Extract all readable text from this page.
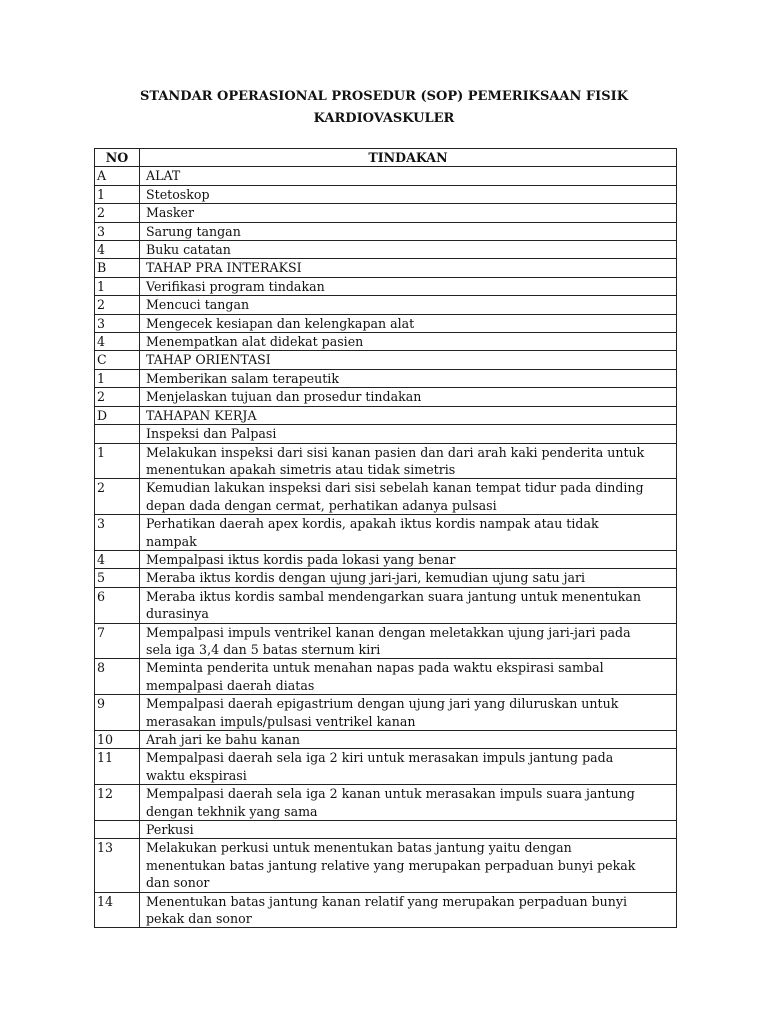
STANDAR OPERASIONAL PROSEDUR (SOP) PEMERIKSAAN FISIK
KARDIOVASKULER
NO	TINDAKAN
A	ALAT
1	Stetoskop
2	Masker
3	Sarung tangan
4	Buku catatan
B	TAHAP PRA INTERAKSI
1	Verifikasi program tindakan
2	Mencuci tangan
3	Mengecek kesiapan dan kelengkapan alat
4	Menempatkan alat didekat pasien
C	TAHAP ORIENTASI
1	Memberikan salam terapeutik
2	Menjelaskan tujuan dan prosedur tindakan
D	TAHAPAN KERJA
	Inspeksi dan Palpasi
1	Melakukan inspeksi dari sisi kanan pasien dan dari arah kaki penderita untuk
menentukan apakah simetris atau tidak simetris

2	Kemudian lakukan inspeksi dari sisi sebelah kanan tempat tidur pada dinding
depan dada dengan cermat, perhatikan adanya pulsasi

3	Perhatikan daerah apex kordis, apakah iktus kordis nampak atau tidak
nampak

4	Mempalpasi iktus kordis pada lokasi yang benar
5	Meraba iktus kordis dengan ujung jari-jari, kemudian ujung satu jari
6	Meraba iktus kordis sambal mendengarkan suara jantung untuk menentukan
durasinya

7	Mempalpasi impuls ventrikel kanan dengan meletakkan ujung jari-jari pada
sela iga 3,4 dan 5 batas sternum kiri

8	Meminta penderita untuk menahan napas pada waktu ekspirasi sambal
mempalpasi daerah diatas

9	Mempalpasi daerah epigastrium dengan ujung jari yang diluruskan untuk
merasakan impuls/pulsasi ventrikel kanan

10	Arah jari ke bahu kanan
11	Mempalpasi daerah sela iga 2 kiri untuk merasakan impuls jantung pada
waktu ekspirasi

12	Mempalpasi daerah sela iga 2 kanan untuk merasakan impuls suara jantung
dengan tekhnik yang sama

	Perkusi
13	Melakukan perkusi untuk menentukan batas jantung yaitu dengan
menentukan batas jantung relative yang merupakan perpaduan bunyi pekak
dan sonor

14	Menentukan batas jantung kanan relatif yang merupakan perpaduan bunyi
pekak dan sonor
